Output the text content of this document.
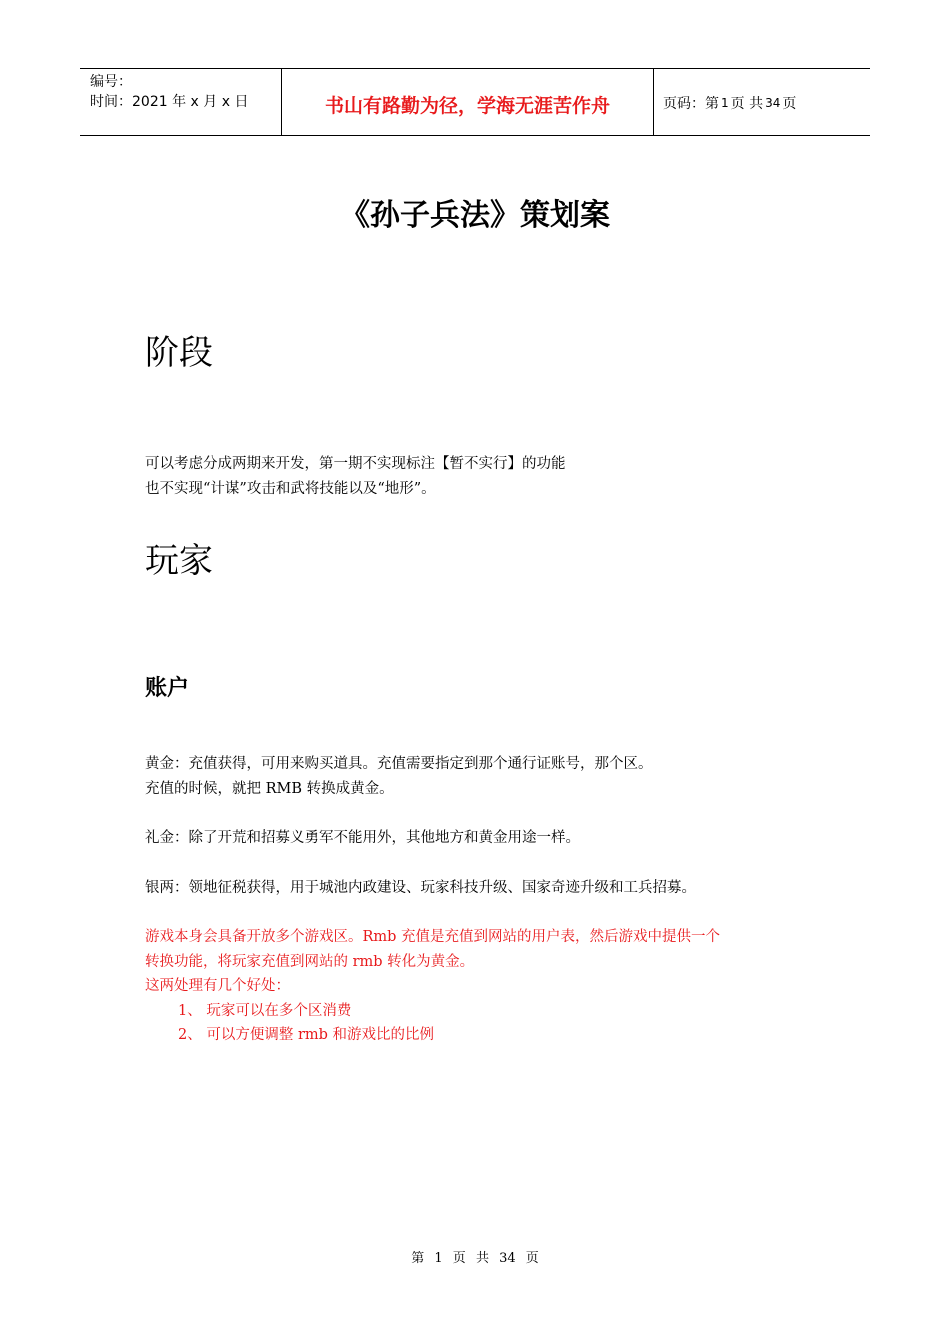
编号：
时间：2021 年 x 月 x 日	书山有路勤为径，学海无涯苦作舟	页码：第 1 页 共 34 页
《孙子兵法》策划案
阶段

可以考虑分成两期来开发，第一期不实现标注【暂不实行】的功能
也不实现“计谋”攻击和武将技能以及“地形”。

玩家
账户

黄金：充值获得，可用来购买道具。充值需要指定到那个通行证账号，那个区。
充值的时候，就把 RMB 转换成黄金。

礼金：除了开荒和招募义勇军不能用外，其他地方和黄金用途一样。

银两：领地征税获得，用于城池内政建设、玩家科技升级、国家奇迹升级和工兵招募。

游戏本身会具备开放多个游戏区。Rmb 充值是充值到网站的用户表，然后游戏中提供一个
转换功能，将玩家充值到网站的 rmb 转化为黄金。
这两处理有几个好处：
1、 玩家可以在多个区消费
2、 可以方便调整 rmb 和游戏比的比例
第 1 页 共 34 页
